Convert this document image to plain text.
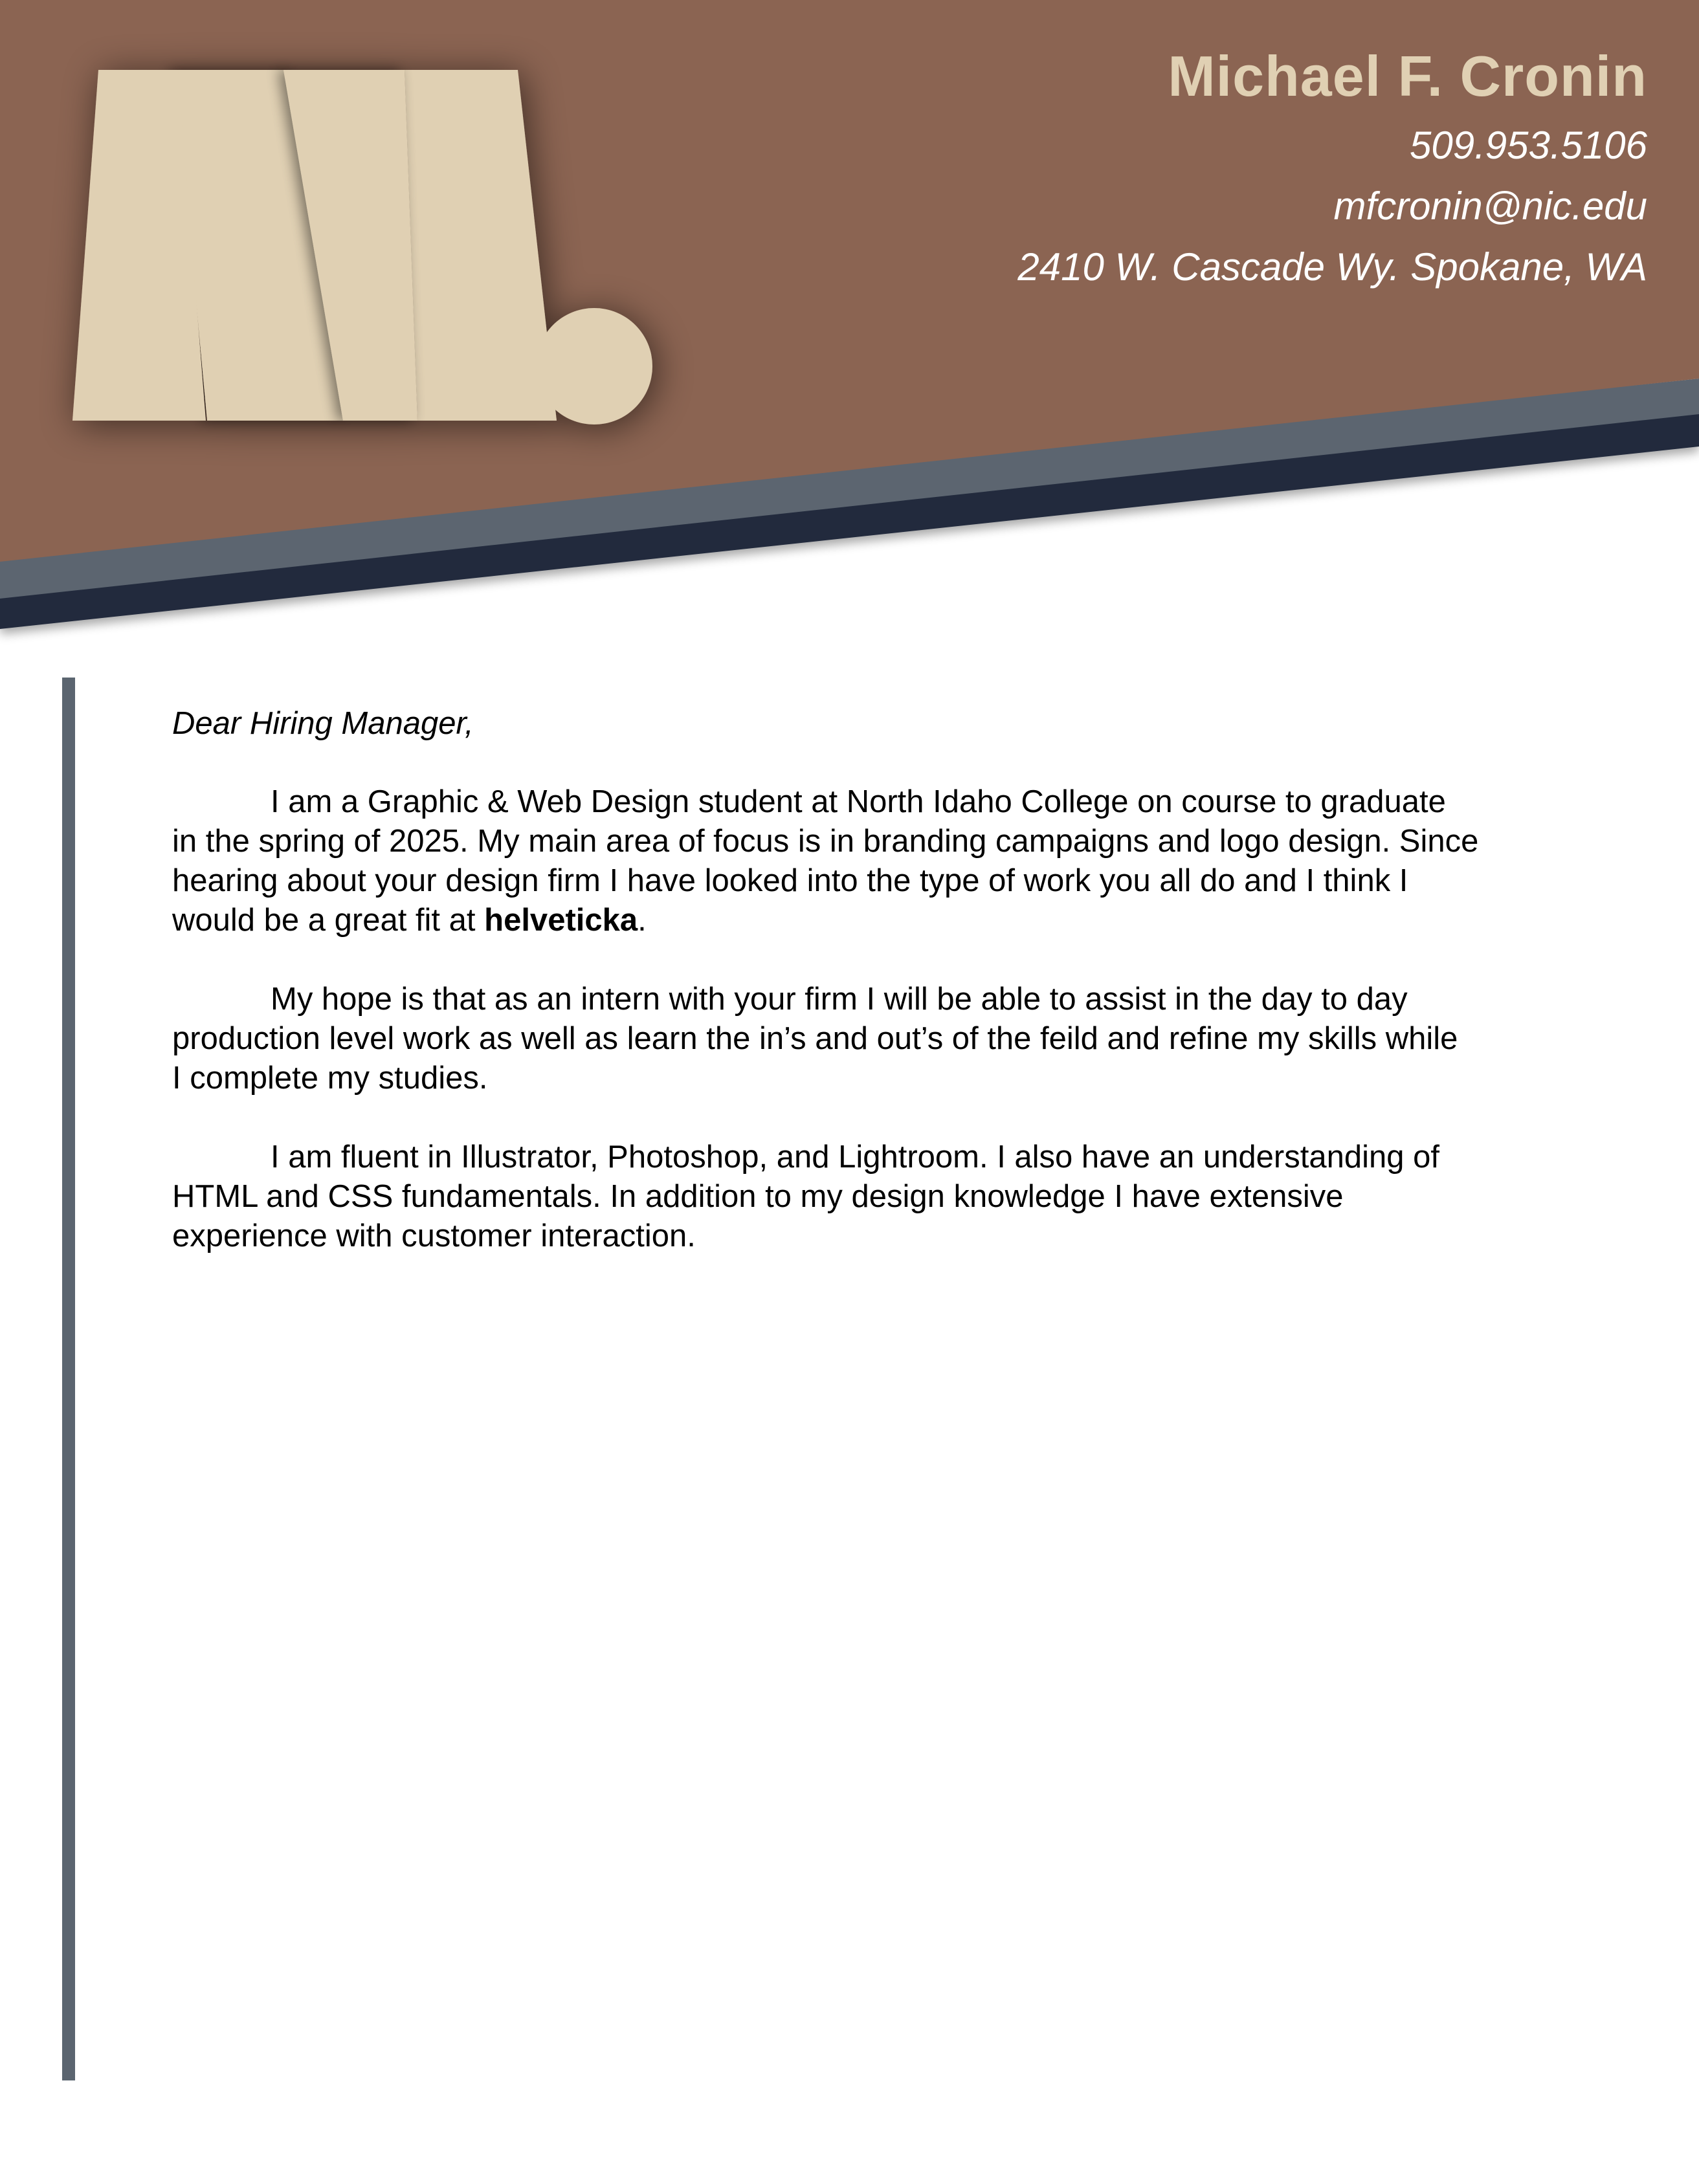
Michael F. Cronin
509.953.5106
mfcronin@nic.edu
2410 W. Cascade Wy. Spokane, WA

Dear Hiring Manager,

I am a Graphic & Web Design student at North Idaho College on course to graduate
in the spring of 2025. My main area of focus is in branding campaigns and logo design. Since
hearing about your design firm I have looked into the type of work you all do and I think I
would be a great fit at helveticka.

My hope is that as an intern with your firm I will be able to assist in the day to day
production level work as well as learn the in’s and out’s of the feild and refine my skills while
I complete my studies.

I am fluent in Illustrator, Photoshop, and Lightroom. I also have an understanding of
HTML and CSS fundamentals. In addition to my design knowledge I have extensive
experience with customer interaction.
